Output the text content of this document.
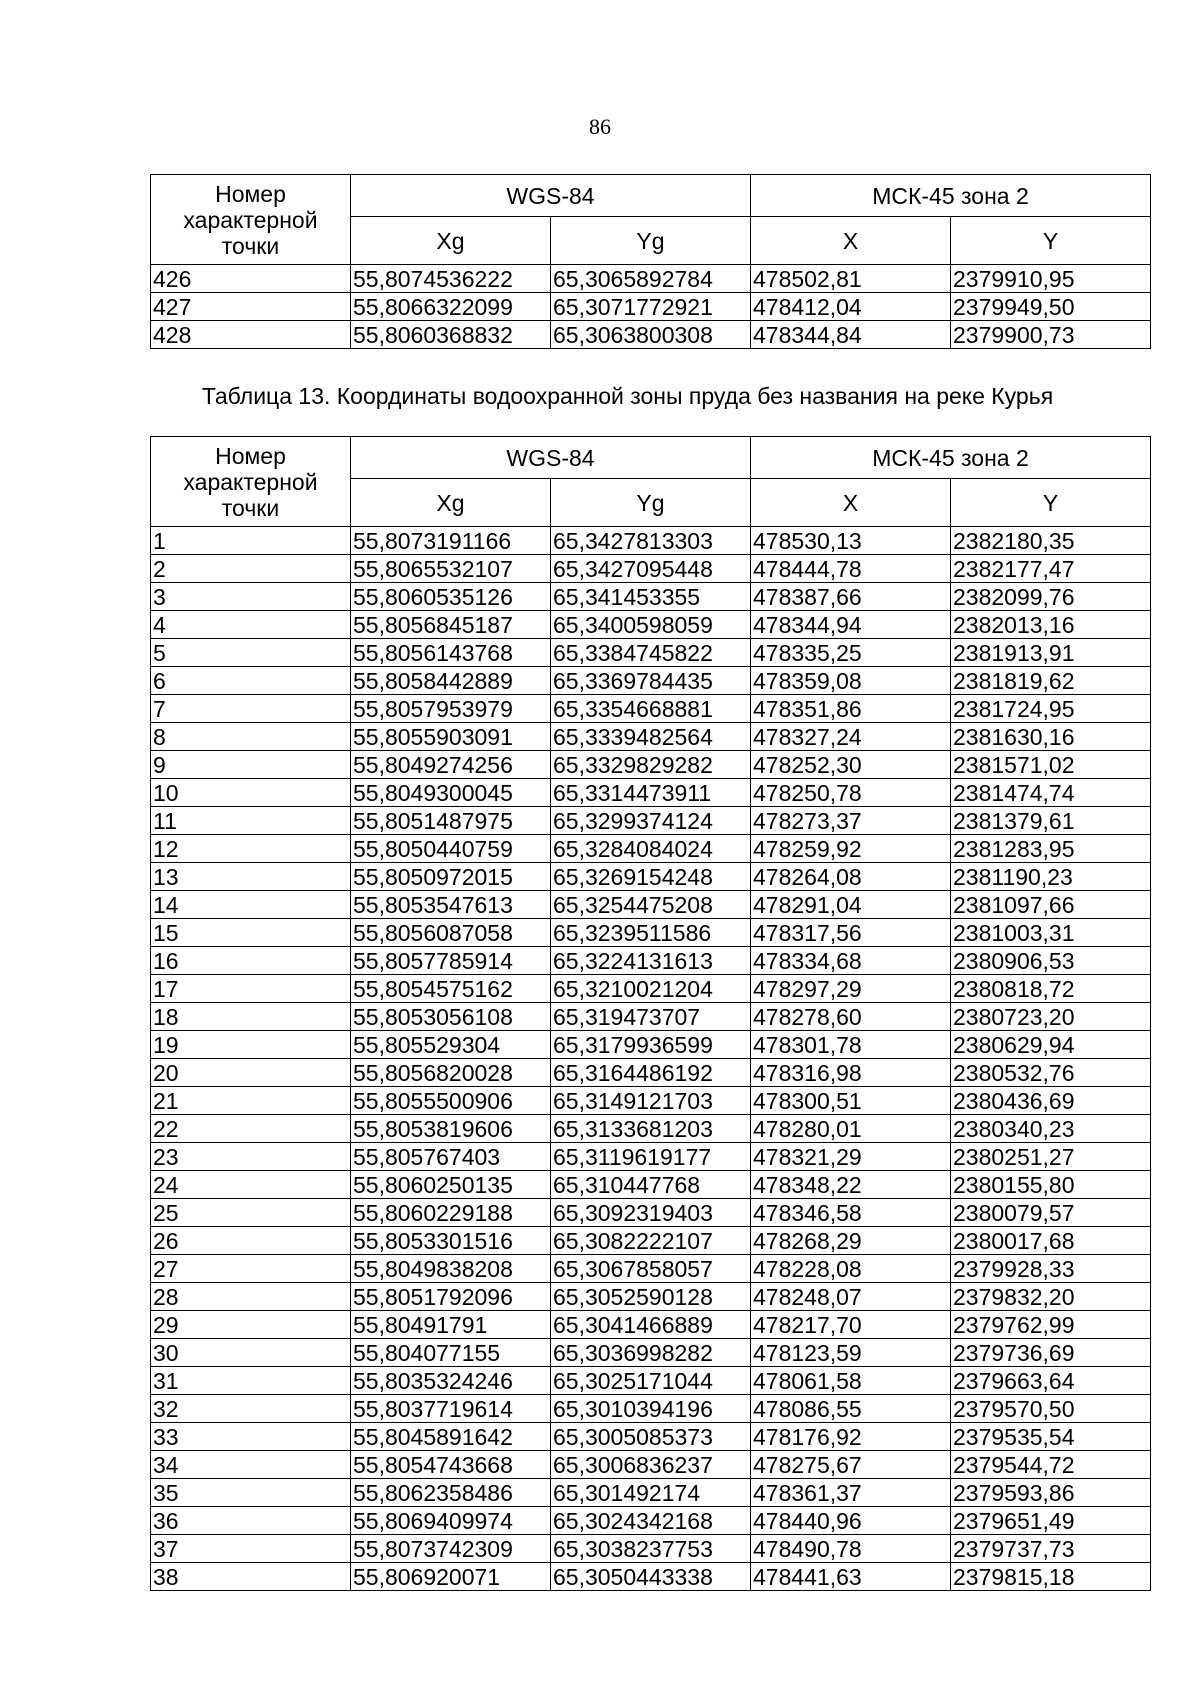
86
Номер характерной точки	WGS-84		МСК-45 зона 2	
	Xg	Yg	X	Y
426	55,8074536222	65,3065892784	478502,81	2379910,95
427	55,8066322099	65,3071772921	478412,04	2379949,50
428	55,8060368832	65,3063800308	478344,84	2379900,73
Таблица 13. Координаты водоохранной зоны пруда без названия на реке Курья
Номер характерной точки	WGS-84		МСК-45 зона 2	
	Xg	Yg	X	Y
1	55,8073191166	65,3427813303	478530,13	2382180,35
2	55,8065532107	65,3427095448	478444,78	2382177,47
3	55,8060535126	65,341453355	478387,66	2382099,76
4	55,8056845187	65,3400598059	478344,94	2382013,16
5	55,8056143768	65,3384745822	478335,25	2381913,91
6	55,8058442889	65,3369784435	478359,08	2381819,62
7	55,8057953979	65,3354668881	478351,86	2381724,95
8	55,8055903091	65,3339482564	478327,24	2381630,16
9	55,8049274256	65,3329829282	478252,30	2381571,02
10	55,8049300045	65,3314473911	478250,78	2381474,74
11	55,8051487975	65,3299374124	478273,37	2381379,61
12	55,8050440759	65,3284084024	478259,92	2381283,95
13	55,8050972015	65,3269154248	478264,08	2381190,23
14	55,8053547613	65,3254475208	478291,04	2381097,66
15	55,8056087058	65,3239511586	478317,56	2381003,31
16	55,8057785914	65,3224131613	478334,68	2380906,53
17	55,8054575162	65,3210021204	478297,29	2380818,72
18	55,8053056108	65,319473707	478278,60	2380723,20
19	55,805529304	65,3179936599	478301,78	2380629,94
20	55,8056820028	65,3164486192	478316,98	2380532,76
21	55,8055500906	65,3149121703	478300,51	2380436,69
22	55,8053819606	65,3133681203	478280,01	2380340,23
23	55,805767403	65,3119619177	478321,29	2380251,27
24	55,8060250135	65,310447768	478348,22	2380155,80
25	55,8060229188	65,3092319403	478346,58	2380079,57
26	55,8053301516	65,3082222107	478268,29	2380017,68
27	55,8049838208	65,3067858057	478228,08	2379928,33
28	55,8051792096	65,3052590128	478248,07	2379832,20
29	55,80491791	65,3041466889	478217,70	2379762,99
30	55,804077155	65,3036998282	478123,59	2379736,69
31	55,8035324246	65,3025171044	478061,58	2379663,64
32	55,8037719614	65,3010394196	478086,55	2379570,50
33	55,8045891642	65,3005085373	478176,92	2379535,54
34	55,8054743668	65,3006836237	478275,67	2379544,72
35	55,8062358486	65,301492174	478361,37	2379593,86
36	55,8069409974	65,3024342168	478440,96	2379651,49
37	55,8073742309	65,3038237753	478490,78	2379737,73
38	55,806920071	65,3050443338	478441,63	2379815,18
